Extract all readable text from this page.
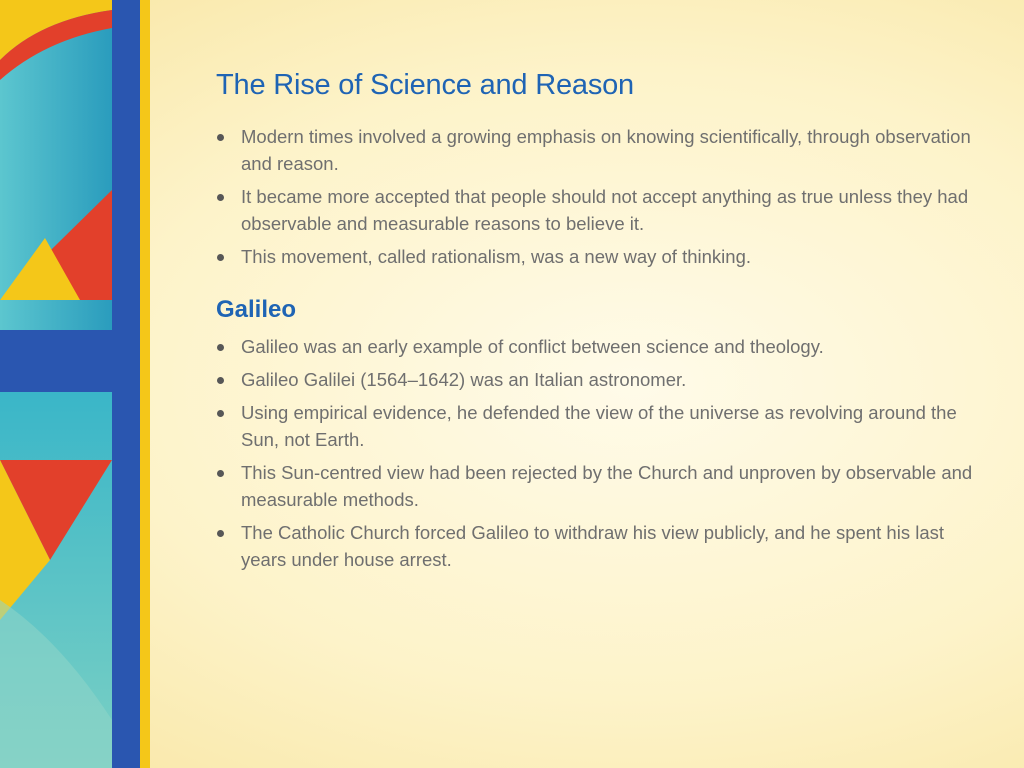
The Rise of Science and Reason
Modern times involved a growing emphasis on knowing scientifically, through observation and reason.
It became more accepted that people should not accept anything as true unless they had observable and measurable reasons to believe it.
This movement, called rationalism, was a new way of thinking.
Galileo
Galileo was an early example of conflict between science and theology.
Galileo Galilei (1564–1642) was an Italian astronomer.
Using empirical evidence, he defended the view of the universe as revolving around the Sun, not Earth.
This Sun-centred view had been rejected by the Church and unproven by observable and measurable methods.
The Catholic Church forced Galileo to withdraw his view publicly, and he spent his last years under house arrest.
